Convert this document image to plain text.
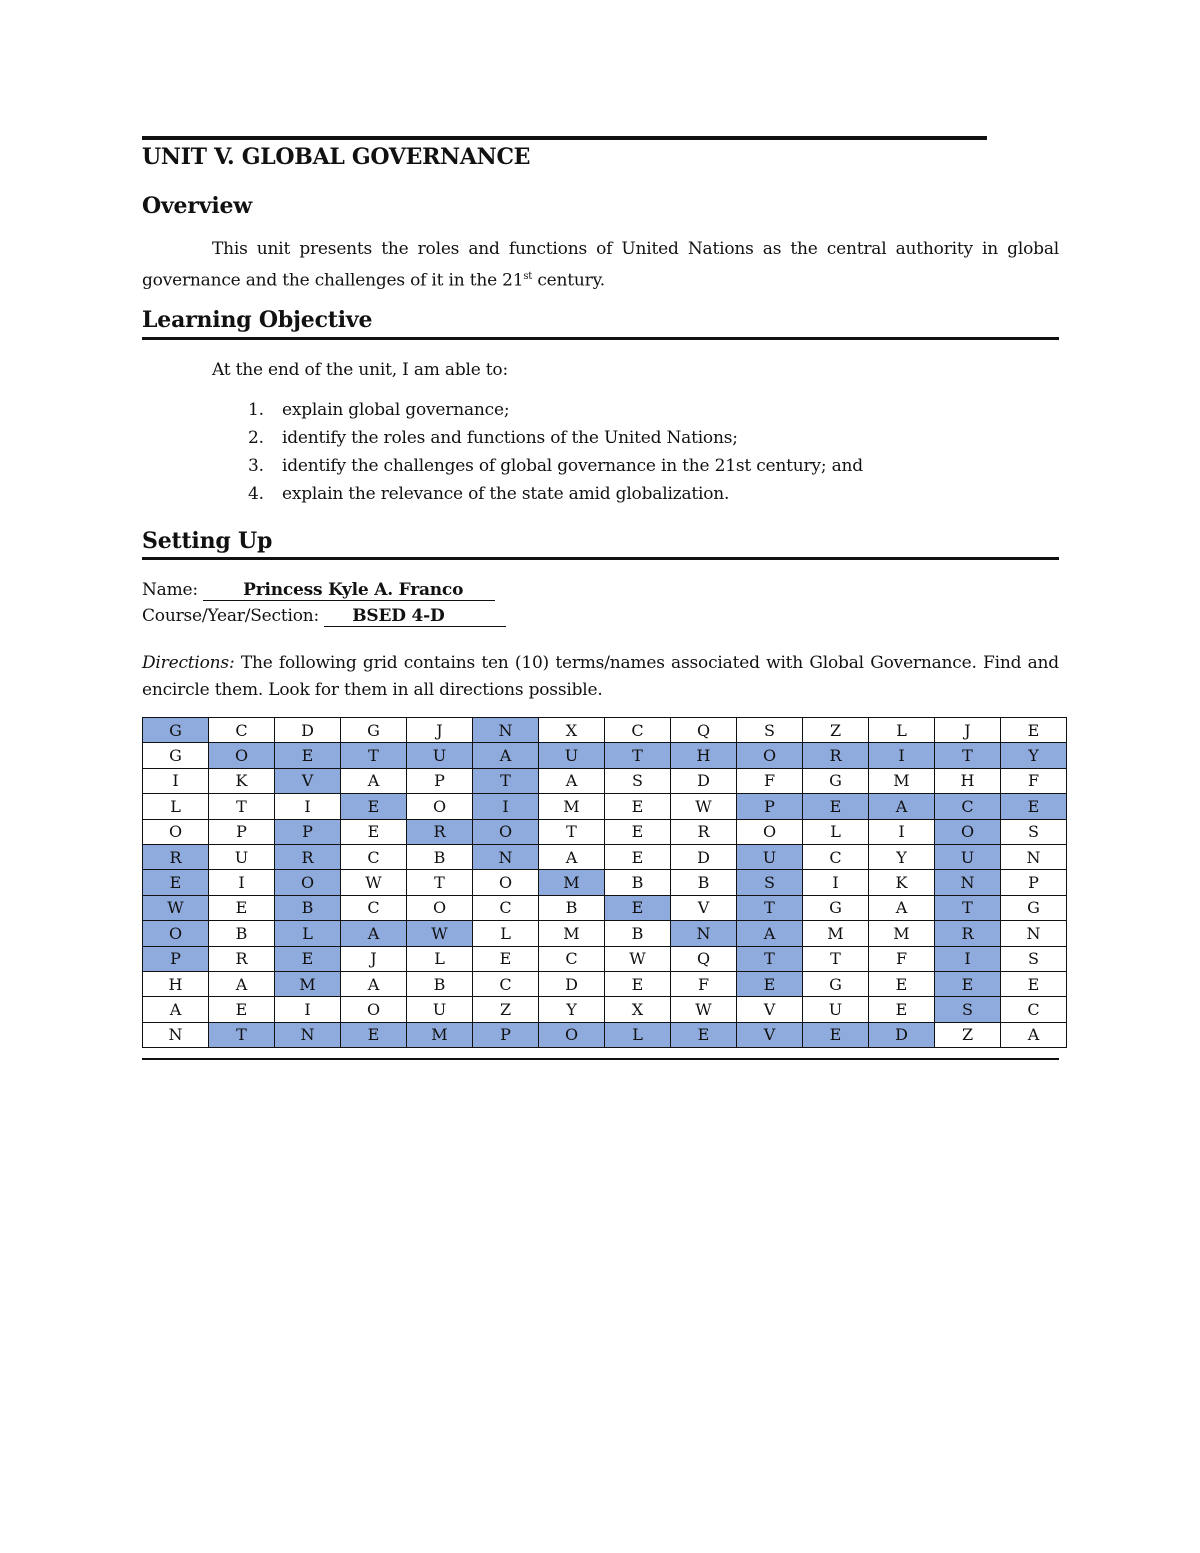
UNIT V. GLOBAL GOVERNANCE
Overview

This unit presents the roles and functions of United Nations as the central authority in global governance and the challenges of it in the 21st century.

Learning Objective

At the end of the unit, I am able to:

1. explain global governance;
2. identify the roles and functions of the United Nations;
3. identify the challenges of global governance in the 21st century; and
4. explain the relevance of the state amid globalization.
Setting Up
Name:	Princess Kyle A. Franco
Course/Year/Section: BSED 4-D

Directions: The following grid contains ten (10) terms/names associated with Global Governance. Find and encircle them. Look for them in all directions possible.

G	C	D	G	J	N	X	C	Q	S	Z	L	J	E
G	O	E	T	U	A	U	T	H	O	R	I	T	Y
I	K	V	A	P	T	A	S	D	F	G	M	H	F
L	T	I	E	O	I	M	E	W	P	E	A	C	E
O	P	P	E	R	O	T	E	R	O	L	I	O	S
R	U	R	C	B	N	A	E	D	U	C	Y	U	N
E	I	O	W	T	O	M	B	B	S	I	K	N	P
W	E	B	C	O	C	B	E	V	T	G	A	T	G
O	B	L	A	W	L	M	B	N	A	M	M	R	N
P	R	E	J	L	E	C	W	Q	T	T	F	I	S
H	A	M	A	B	C	D	E	F	E	G	E	E	E
A	E	I	O	U	Z	Y	X	W	V	U	E	S	C
N	T	N	E	M	P	O	L	E	V	E	D	Z	A
